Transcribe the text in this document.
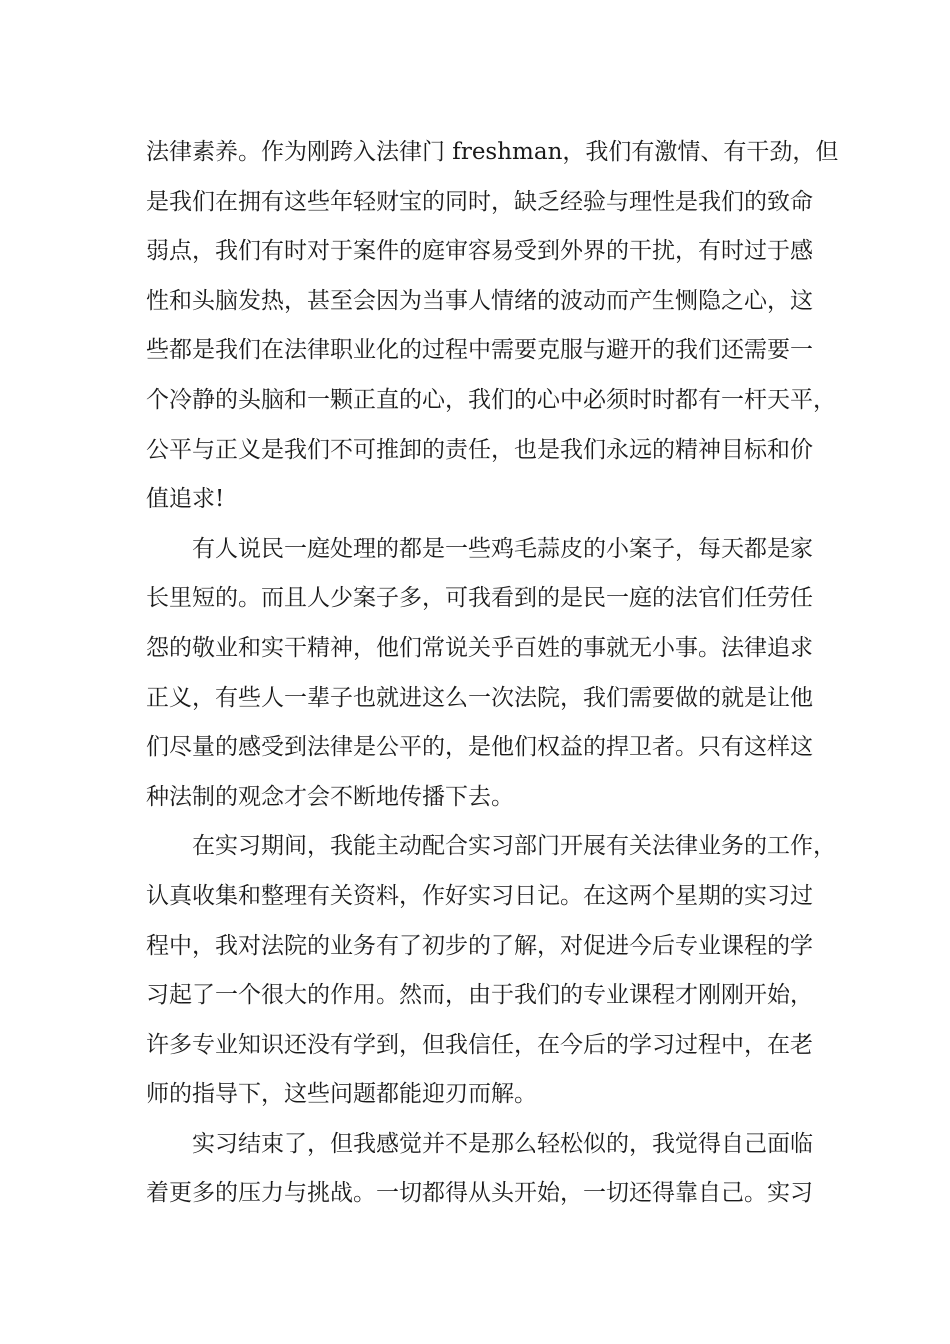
法律素养。作为刚跨入法律门 freshman，我们有激情、有干劲，但
是我们在拥有这些年轻财宝的同时，缺乏经验与理性是我们的致命
弱点，我们有时对于案件的庭审容易受到外界的干扰，有时过于感
性和头脑发热，甚至会因为当事人情绪的波动而产生恻隐之心，这
些都是我们在法律职业化的过程中需要克服与避开的我们还需要一
个冷静的头脑和一颗正直的心，我们的心中必须时时都有一杆天平，
公平与正义是我们不可推卸的责任，也是我们永远的精神目标和价
值追求!
有人说民一庭处理的都是一些鸡毛蒜皮的小案子，每天都是家
长里短的。而且人少案子多，可我看到的是民一庭的法官们任劳任
怨的敬业和实干精神，他们常说关乎百姓的事就无小事。法律追求
正义，有些人一辈子也就进这么一次法院，我们需要做的就是让他
们尽量的感受到法律是公平的，是他们权益的捍卫者。只有这样这
种法制的观念才会不断地传播下去。
在实习期间，我能主动配合实习部门开展有关法律业务的工作，
认真收集和整理有关资料，作好实习日记。在这两个星期的实习过
程中，我对法院的业务有了初步的了解，对促进今后专业课程的学
习起了一个很大的作用。然而，由于我们的专业课程才刚刚开始，
许多专业知识还没有学到，但我信任，在今后的学习过程中，在老
师的指导下，这些问题都能迎刃而解。
实习结束了，但我感觉并不是那么轻松似的，我觉得自己面临
着更多的压力与挑战。一切都得从头开始，一切还得靠自己。实习
